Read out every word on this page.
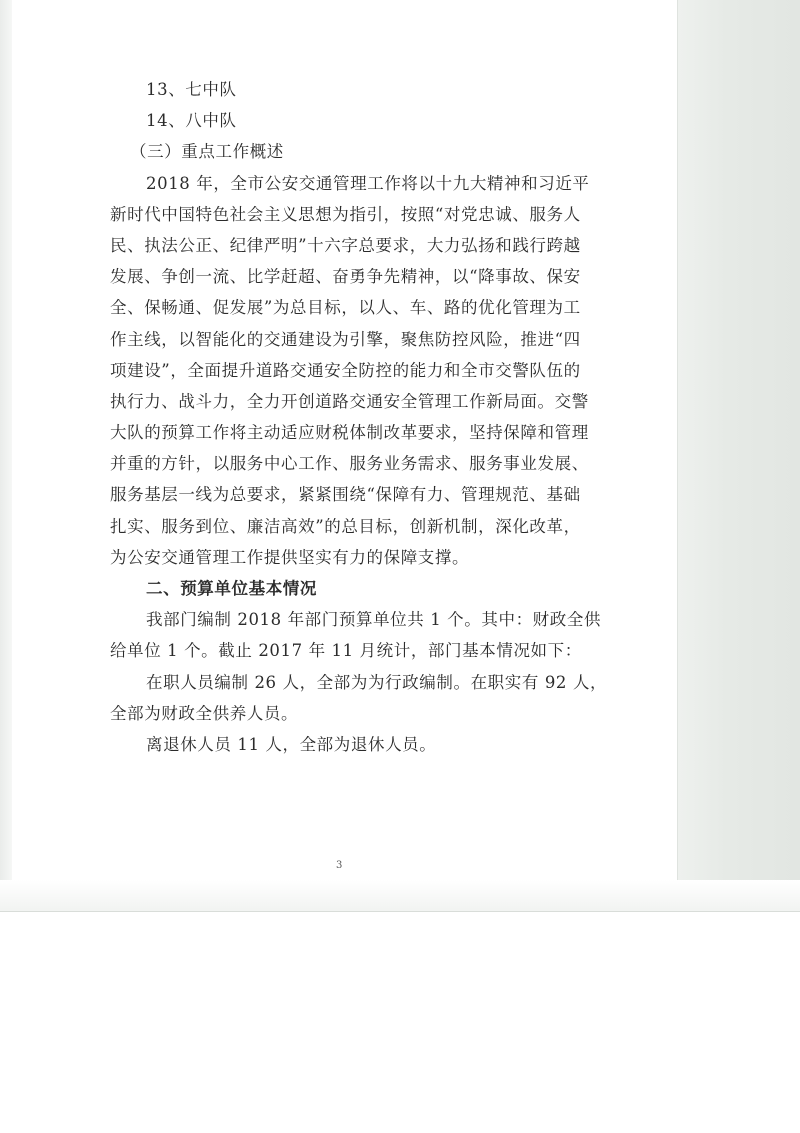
13、七中队
14、八中队
（三）重点工作概述
2018 年，全市公安交通管理工作将以十九大精神和习近平
新时代中国特色社会主义思想为指引，按照“对党忠诚、服务人
民、执法公正、纪律严明”十六字总要求，大力弘扬和践行跨越
发展、争创一流、比学赶超、奋勇争先精神，以“降事故、保安
全、保畅通、促发展”为总目标，以人、车、路的优化管理为工
作主线，以智能化的交通建设为引擎，聚焦防控风险，推进“四
项建设”，全面提升道路交通安全防控的能力和全市交警队伍的
执行力、战斗力，全力开创道路交通安全管理工作新局面。交警
大队的预算工作将主动适应财税体制改革要求，坚持保障和管理
并重的方针，以服务中心工作、服务业务需求、服务事业发展、
服务基层一线为总要求，紧紧围绕“保障有力、管理规范、基础
扎实、服务到位、廉洁高效”的总目标，创新机制，深化改革，
为公安交通管理工作提供坚实有力的保障支撑。
二、预算单位基本情况
我部门编制 2018 年部门预算单位共 1 个。其中：财政全供
给单位 1 个。截止 2017 年 11 月统计，部门基本情况如下：
在职人员编制 26 人，全部为为行政编制。在职实有 92 人，
全部为财政全供养人员。
离退休人员 11 人，全部为退休人员。
3
